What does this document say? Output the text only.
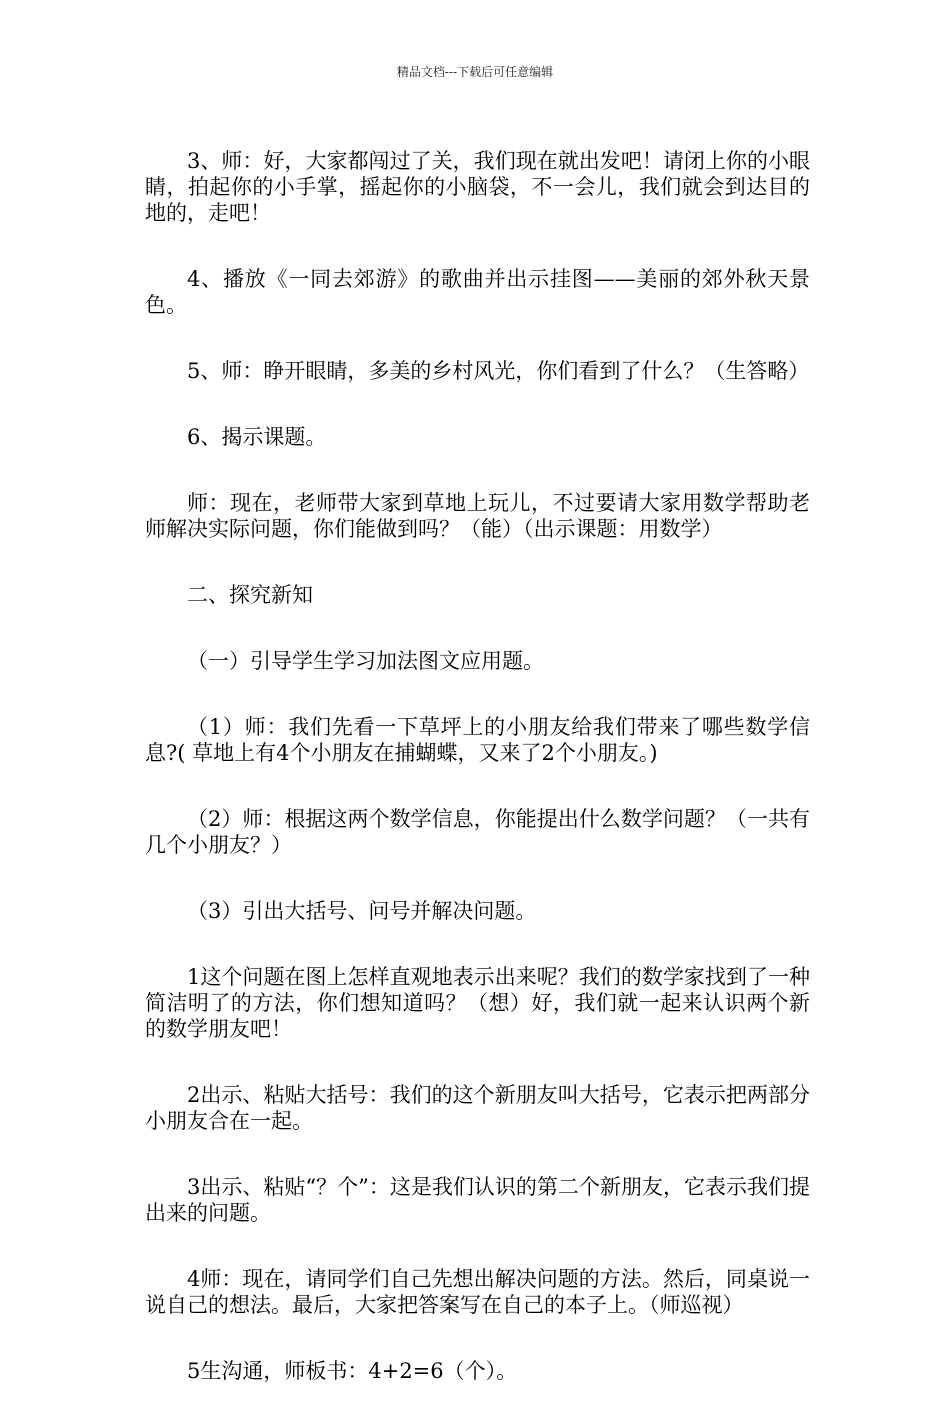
精品文档---下载后可任意编辑

3、师：好，大家都闯过了关，我们现在就出发吧！请闭上你的小眼睛，拍起你的小手掌，摇起你的小脑袋，不一会儿，我们就会到达目的地的，走吧！

4、播放《一同去郊游》的歌曲并出示挂图——美丽的郊外秋天景色。

5、师：睁开眼睛，多美的乡村风光，你们看到了什么？（生答略）

6、揭示课题。

师：现在，老师带大家到草地上玩儿，不过要请大家用数学帮助老师解决实际问题，你们能做到吗？（能）（出示课题：用数学）

二、探究新知

（一）引导学生学习加法图文应用题。

（1）师：我们先看一下草坪上的小朋友给我们带来了哪些数学信息?( 草地上有4个小朋友在捕蝴蝶，又来了2个小朋友。)

（2）师：根据这两个数学信息，你能提出什么数学问题？（一共有几个小朋友？）

（3）引出大括号、问号并解决问题。

1这个问题在图上怎样直观地表示出来呢？我们的数学家找到了一种简洁明了的方法，你们想知道吗？（想）好，我们就一起来认识两个新的数学朋友吧！

2出示、粘贴大括号：我们的这个新朋友叫大括号，它表示把两部分小朋友合在一起。

3出示、粘贴“？个”：这是我们认识的第二个新朋友，它表示我们提出来的问题。

4师：现在，请同学们自己先想出解决问题的方法。然后，同桌说一说自己的想法。最后，大家把答案写在自己的本子上。（师巡视）

5生沟通，师板书：4+2=6（个）。
